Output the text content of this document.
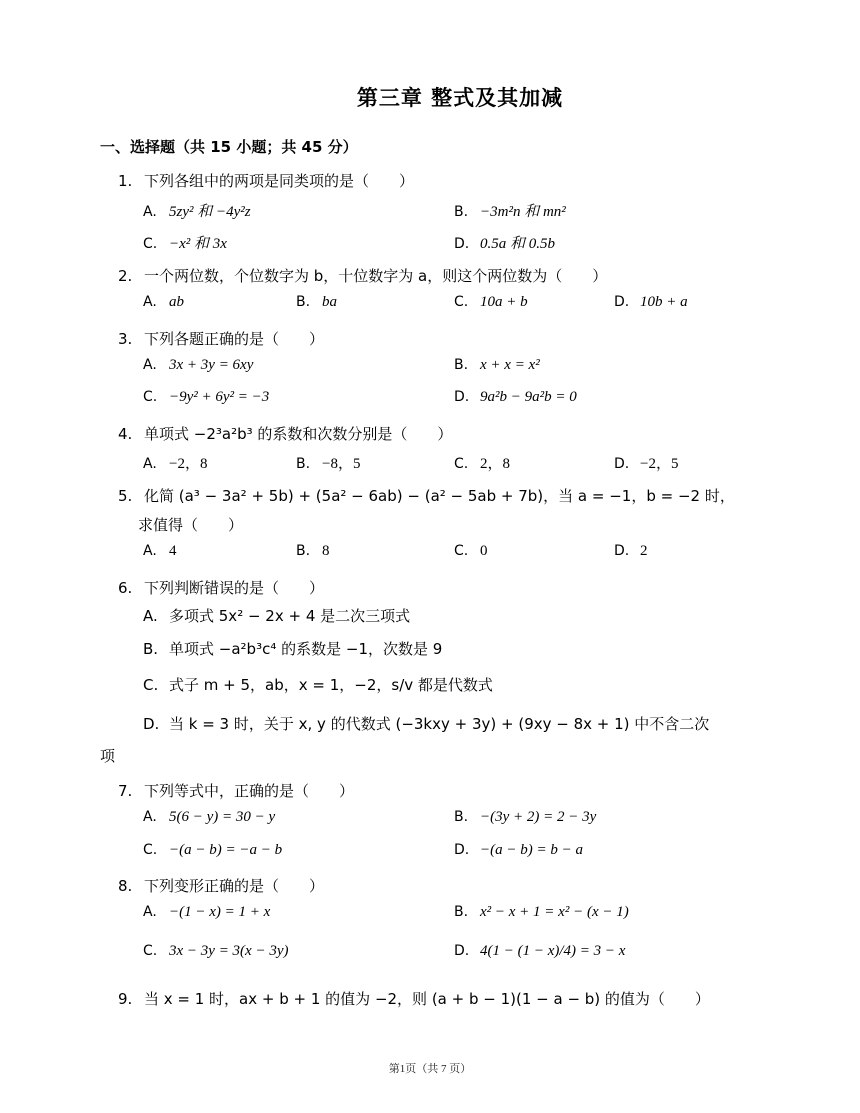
第三章 整式及其加减
一、选择题（共 15 小题；共 45 分）
1. 下列各组中的两项是同类项的是（　　）
A. 5zy² 和 −4y²z	B. −3m²n 和 mn²
C. −x² 和 3x	D. 0.5a 和 0.5b
2. 一个两位数，个位数字为 b，十位数字为 a，则这个两位数为（　　）
A. ab	B. ba	C. 10a + b	D. 10b + a
3. 下列各题正确的是（　　）
A. 3x + 3y = 6xy	B. x + x = x²
C. −9y² + 6y² = −3	D. 9a²b − 9a²b = 0
4. 单项式 −2³a²b³ 的系数和次数分别是（　　）
A. −2，8	B. −8，5	C. 2，8	D. −2，5
5. 化简 (a³ − 3a² + 5b) + (5a² − 6ab) − (a² − 5ab + 7b)，当 a = −1，b = −2 时，
求值得（　　）
A. 4	B. 8	C. 0	D. 2
6. 下列判断错误的是（　　）
A. 多项式 5x² − 2x + 4 是二次三项式
B. 单项式 −a²b³c⁴ 的系数是 −1，次数是 9
C. 式子 m + 5，ab，x = 1，−2，s/v 都是代数式
D. 当 k = 3 时，关于 x, y 的代数式 (−3kxy + 3y) + (9xy − 8x + 1) 中不含二次
项
7. 下列等式中，正确的是（　　）
A. 5(6 − y) = 30 − y	B. −(3y + 2) = 2 − 3y
C. −(a − b) = −a − b	D. −(a − b) = b − a
8. 下列变形正确的是（　　）
A. −(1 − x) = 1 + x	B. x² − x + 1 = x² − (x − 1)
C. 3x − 3y = 3(x − 3y)	D. 4(1 − (1 − x)/4) = 3 − x
9. 当 x = 1 时，ax + b + 1 的值为 −2，则 (a + b − 1)(1 − a − b) 的值为（　　）
第1页（共 7 页）
